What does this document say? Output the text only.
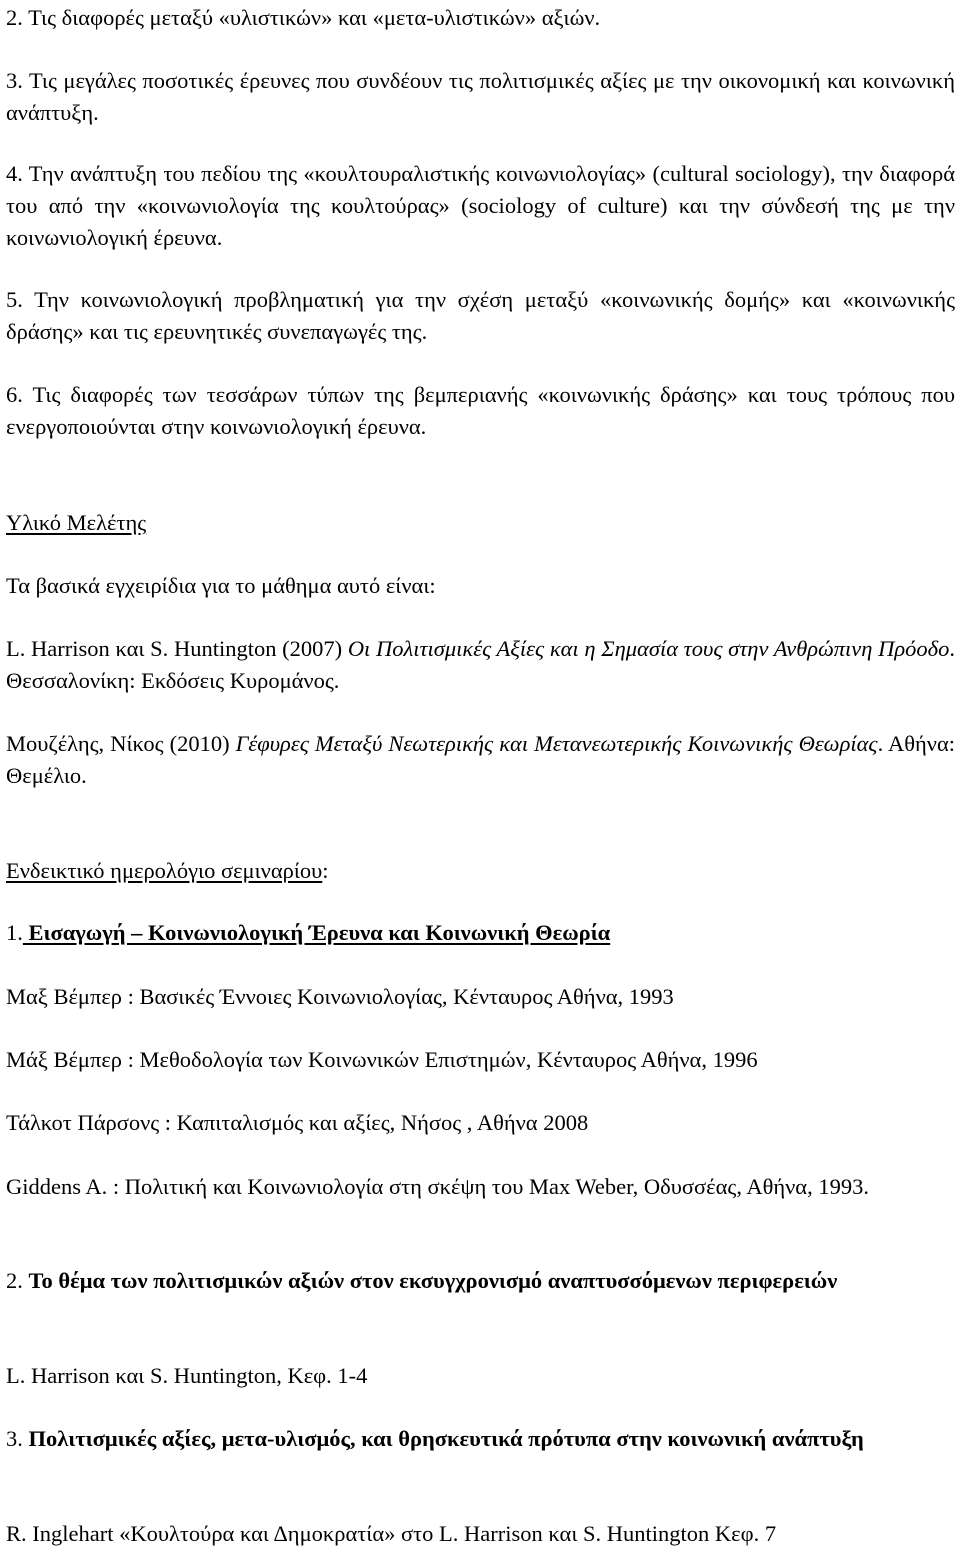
2. Τις διαφορές μεταξύ «υλιστικών» και «μετα-υλιστικών» αξιών.

3. Τις μεγάλες ποσοτικές έρευνες που συνδέουν τις πολιτισμικές αξίες με την οικονομική και κοινωνική ανάπτυξη.

4. Την ανάπτυξη του πεδίου της «κουλτουραλιστικής κοινωνιολογίας» (cultural sociology), την διαφορά του από την «κοινωνιολογία της κουλτούρας» (sociology of culture) και την σύνδεσή της με την κοινωνιολογική έρευνα.

5. Την κοινωνιολογική προβληματική για την σχέση μεταξύ «κοινωνικής δομής» και «κοινωνικής δράσης» και τις ερευνητικές συνεπαγωγές της.

6. Τις διαφορές των τεσσάρων τύπων της βεμπεριανής «κοινωνικής δράσης» και τους τρόπους που ενεργοποιούνται στην κοινωνιολογική έρευνα.

Υλικό Μελέτης

Τα βασικά εγχειρίδια για το μάθημα αυτό είναι:

L. Harrison και S. Huntington (2007) Οι Πολιτισμικές Αξίες και η Σημασία τους στην Ανθρώπινη Πρόοδο. Θεσσαλονίκη: Εκδόσεις Κυρομάνος.

Μουζέλης, Νίκος (2010) Γέφυρες Μεταξύ Νεωτερικής και Μετανεωτερικής Κοινωνικής Θεωρίας. Αθήνα: Θεμέλιο.

Ενδεικτικό ημερολόγιο σεμιναρίου:

1. Εισαγωγή – Κοινωνιολογική Έρευνα και Κοινωνική Θεωρία

Μαξ Βέμπερ : Βασικές Έννοιες Κοινωνιολογίας, Κένταυρος Αθήνα, 1993

Μάξ Βέμπερ : Μεθοδολογία των Κοινωνικών Επιστημών, Κένταυρος Αθήνα, 1996

Τάλκοτ Πάρσονς : Καπιταλισμός και αξίες, Νήσος , Αθήνα 2008

Giddens A. : Πολιτική και Κοινωνιολογία στη σκέψη του Max Weber, Οδυσσέας, Αθήνα, 1993.

2. Το θέμα των πολιτισμικών αξιών στον εκσυγχρονισμό αναπτυσσόμενων περιφερειών

L. Harrison και S. Huntington, Κεφ. 1-4

3. Πολιτισμικές αξίες, μετα-υλισμός, και θρησκευτικά πρότυπα στην κοινωνική ανάπτυξη

R. Inglehart «Κουλτούρα και Δημοκρατία» στο L. Harrison και S. Huntington Κεφ. 7
